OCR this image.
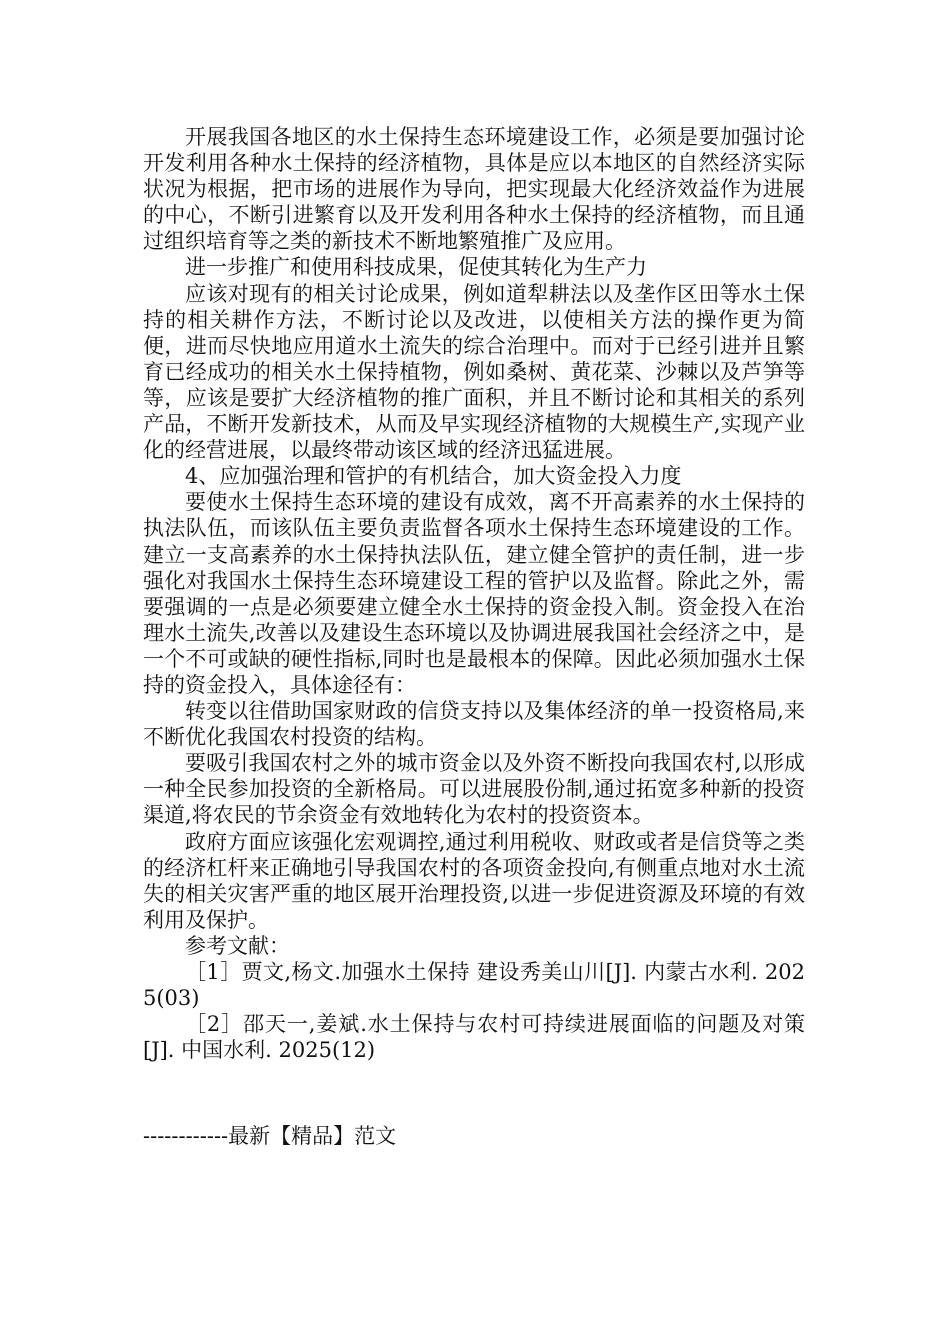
开展我国各地区的水土保持生态环境建设工作，必须是要加强讨论开发利用各种水土保持的经济植物，具体是应以本地区的自然经济实际状况为根据，把市场的进展作为导向，把实现最大化经济效益作为进展的中心，不断引进繁育以及开发利用各种水土保持的经济植物，而且通过组织培育等之类的新技术不断地繁殖推广及应用。

进一步推广和使用科技成果，促使其转化为生产力

应该对现有的相关讨论成果，例如道犁耕法以及垄作区田等水土保持的相关耕作方法，不断讨论以及改进，以使相关方法的操作更为简便，进而尽快地应用道水土流失的综合治理中。而对于已经引进并且繁育已经成功的相关水土保持植物，例如桑树、黄花菜、沙棘以及芦笋等等，应该是要扩大经济植物的推广面积，并且不断讨论和其相关的系列产品，不断开发新技术，从而及早实现经济植物的大规模生产,实现产业化的经营进展，以最终带动该区域的经济迅猛进展。

4、应加强治理和管护的有机结合，加大资金投入力度

要使水土保持生态环境的建设有成效，离不开高素养的水土保持的执法队伍，而该队伍主要负责监督各项水土保持生态环境建设的工作。建立一支高素养的水土保持执法队伍，建立健全管护的责任制，进一步强化对我国水土保持生态环境建设工程的管护以及监督。除此之外，需要强调的一点是必须要建立健全水土保持的资金投入制。资金投入在治理水土流失,改善以及建设生态环境以及协调进展我国社会经济之中，是一个不可或缺的硬性指标,同时也是最根本的保障。因此必须加强水土保持的资金投入，具体途径有：

转变以往借助国家财政的信贷支持以及集体经济的单一投资格局,来不断优化我国农村投资的结构。

要吸引我国农村之外的城市资金以及外资不断投向我国农村,以形成一种全民参加投资的全新格局。可以进展股份制,通过拓宽多种新的投资渠道,将农民的节余资金有效地转化为农村的投资资本。

政府方面应该强化宏观调控,通过利用税收、财政或者是信贷等之类的经济杠杆来正确地引导我国农村的各项资金投向,有侧重点地对水土流失的相关灾害严重的地区展开治理投资,以进一步促进资源及环境的有效利用及保护。

参考文献：

［1］贾文,杨文.加强水土保持 建设秀美山川[J]. 内蒙古水利. 2025(03)

［2］邵天一,姜斌.水土保持与农村可持续进展面临的问题及对策[J]. 中国水利. 2025(12)

------------最新【精品】范文
